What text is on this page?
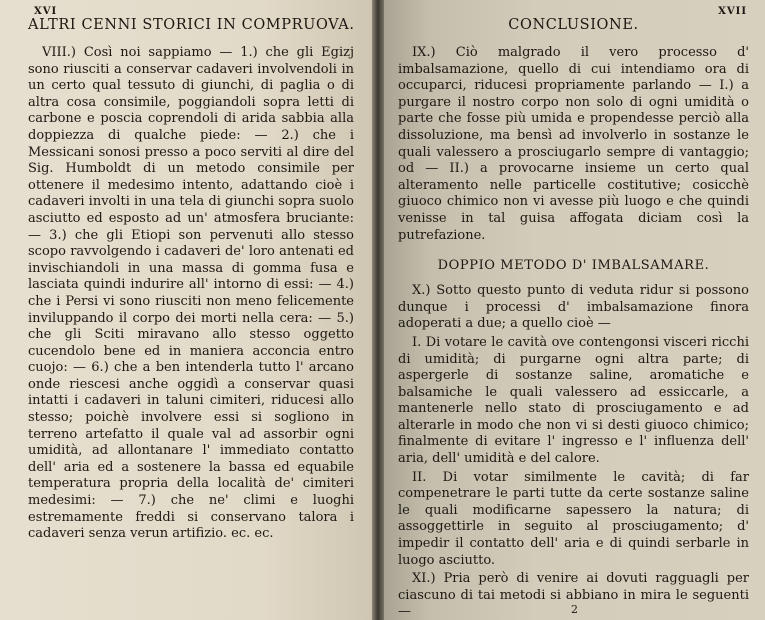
XVI
ALTRI CENNI STORICI IN COMPRUOVA.

VIII.) Così noi sappiamo — 1.) che gli Egizj sono riusciti a conservar cadaveri involvendoli in un certo qual tessuto di giunchi, di paglia o di altra cosa consimile, poggiandoli sopra letti di carbone e poscia coprendoli di arida sabbia alla doppiezza di qualche piede: — 2.) che i Messicani sonosi presso a poco serviti al dire del Sig. Humboldt di un metodo consimile per ottenere il medesimo intento, adattando cioè i cadaveri involti in una tela di giunchi sopra suolo asciutto ed esposto ad un' atmosfera bruciante: — 3.) che gli Etiopi son pervenuti allo stesso scopo ravvolgendo i cadaveri de' loro antenati ed invischiandoli in una massa di gomma fusa e lasciata quindi indurire all' intorno di essi: — 4.) che i Persi vi sono riusciti non meno felicemente inviluppando il corpo dei morti nella cera: — 5.) che gli Sciti miravano allo stesso oggetto cucendolo bene ed in maniera acconcia entro cuojo: — 6.) che a ben intenderla tutto l' arcano onde riescesi anche oggidì a conservar quasi intatti i cadaveri in taluni cimiteri, riducesi allo stesso; poichè involvere essi si sogliono in terreno artefatto il quale val ad assorbir ogni umidità, ad allontanare l' immediato contatto dell' aria ed a sostenere la bassa ed equabile temperatura propria della località de' cimiteri medesimi: — 7.) che ne' climi e luoghi estremamente freddi si conservano talora i cadaveri senza verun artifizio. ec. ec.

XVII
CONCLUSIONE.

IX.) Ciò malgrado il vero processo d' imbalsamazione, quello di cui intendiamo ora di occuparci, riducesi propriamente parlando — I.) a purgare il nostro corpo non solo di ogni umidità o parte che fosse più umida e propendesse perciò alla dissoluzione, ma bensì ad involverlo in sostanze le quali valessero a prosciugarlo sempre di vantaggio; od — II.) a provocarne insieme un certo qual alteramento nelle particelle costitutive; cosicchè giuoco chimico non vi avesse più luogo e che quindi venisse in tal guisa affogata diciam così la putrefazione.

DOPPIO METODO D' IMBALSAMARE.

X.) Sotto questo punto di veduta ridur si possono dunque i processi d' imbalsamazione finora adoperati a due; a quello cioè —

I. Di votare le cavità ove contengonsi visceri ricchi di umidità; di purgarne ogni altra parte; di aspergerle di sostanze saline, aromatiche e balsamiche le quali valessero ad essiccarle, a mantenerle nello stato di prosciugamento e ad alterarle in modo che non vi si desti giuoco chimico; finalmente di evitare l' ingresso e l' influenza dell' aria, dell' umidità e del calore.

II. Di votar similmente le cavità; di far compenetrare le parti tutte da certe sostanze saline le quali modificarne sapessero la natura; di assoggettirle in seguito al prosciugamento; d' impedir il contatto dell' aria e di quindi serbarle in luogo asciutto.

XI.) Pria però di venire ai dovuti ragguagli per ciascuno di tai metodi si abbiano in mira le seguenti —	2
